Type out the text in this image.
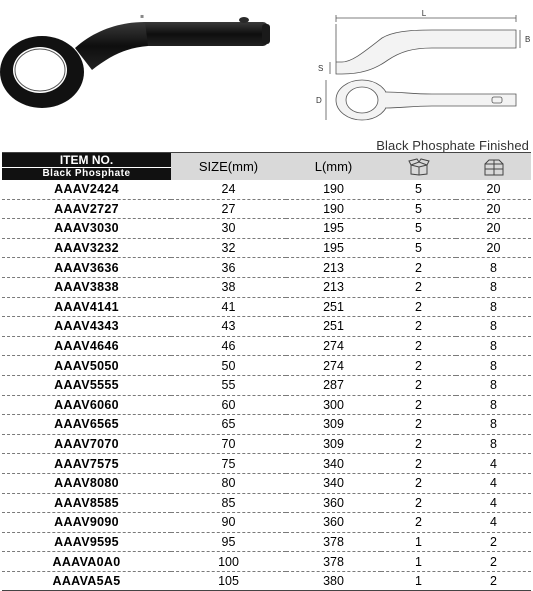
▪	L
B
S
D
Black Phosphate Finished
ITEM NO.
Black Phosphate	SIZE(mm)	L(mm)		
AAAV2424	24	190	5	20
AAAV2727	27	190	5	20
AAAV3030	30	195	5	20
AAAV3232	32	195	5	20
AAAV3636	36	213	2	8
AAAV3838	38	213	2	8
AAAV4141	41	251	2	8
AAAV4343	43	251	2	8
AAAV4646	46	274	2	8
AAAV5050	50	274	2	8
AAAV5555	55	287	2	8
AAAV6060	60	300	2	8
AAAV6565	65	309	2	8
AAAV7070	70	309	2	8
AAAV7575	75	340	2	4
AAAV8080	80	340	2	4
AAAV8585	85	360	2	4
AAAV9090	90	360	2	4
AAAV9595	95	378	1	2
AAAVA0A0	100	378	1	2
AAAVA5A5	105	380	1	2
